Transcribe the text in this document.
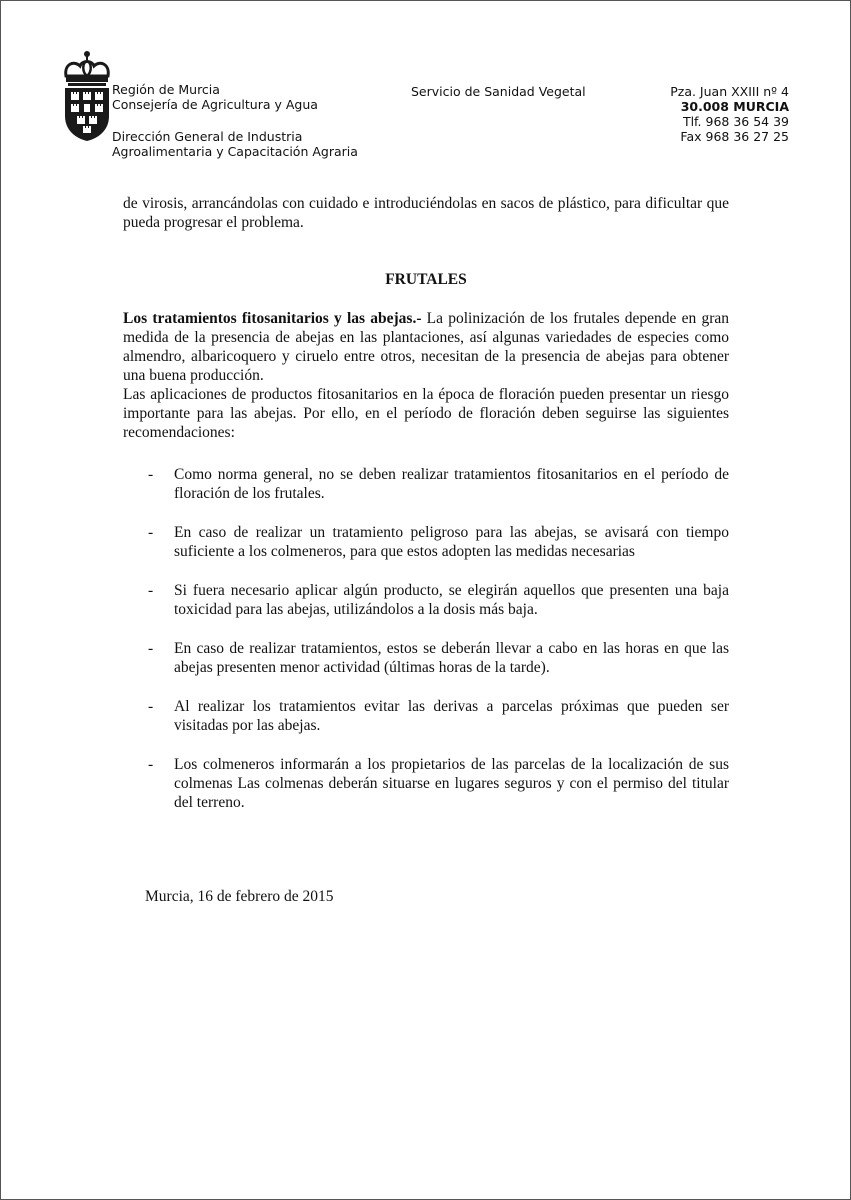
Región de Murcia
Consejería de Agricultura y Agua
Dirección General de Industria
Agroalimentaria y Capacitación Agraria
Servicio de Sanidad Vegetal	Pza. Juan XXIII nº 4
30.008 MURCIA
Tlf. 968 36 54 39
Fax 968 36 27 25
de virosis, arrancándolas con cuidado e introduciéndolas en sacos de plástico, para dificultar que pueda progresar el problema.
FRUTALES

Los tratamientos fitosanitarios y las abejas.- La polinización de los frutales depende en gran medida de la presencia de abejas en las plantaciones, así algunas variedades de especies como almendro, albaricoquero y ciruelo entre otros, necesitan de la presencia de abejas para obtener una buena producción.

Las aplicaciones de productos fitosanitarios en la época de floración pueden presentar un riesgo importante para las abejas. Por ello, en el período de floración deben seguirse las siguientes recomendaciones:

- Como norma general, no se deben realizar tratamientos fitosanitarios en el período de floración de los frutales.
- En caso de realizar un tratamiento peligroso para las abejas, se avisará con tiempo suficiente a los colmeneros, para que estos adopten las medidas necesarias
- Si fuera necesario aplicar algún producto, se elegirán aquellos que presenten una baja toxicidad para las abejas, utilizándolos a la dosis más baja.
- En caso de realizar tratamientos, estos se deberán llevar a cabo en las horas en que las abejas presenten menor actividad (últimas horas de la tarde).
- Al realizar los tratamientos evitar las derivas a parcelas próximas que pueden ser visitadas por las abejas.
- Los colmeneros informarán a los propietarios de las parcelas de la localización de sus colmenas Las colmenas deberán situarse en lugares seguros y con el permiso del titular del terreno.
Murcia, 16 de febrero de 2015
